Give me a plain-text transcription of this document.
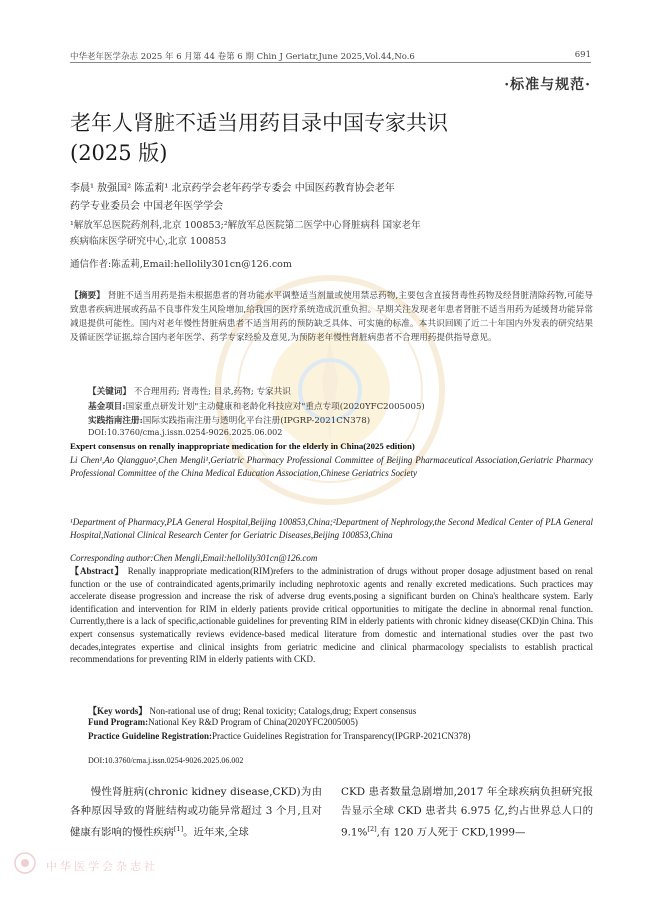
中华老年医学杂志 2025 年 6 月第 44 卷第 6 期 Chin J Geriatr,June 2025,Vol.44,No.6	691
·标准与规范·
老年人肾脏不适当用药目录中国专家共识
(2025 版)
李晨¹ 敖强国² 陈孟莉¹ 北京药学会老年药学专委会 中国医药教育协会老年
药学专业委员会 中国老年医学学会
¹解放军总医院药剂科,北京 100853;²解放军总医院第二医学中心肾脏病科 国家老年
疾病临床医学研究中心,北京 100853
通信作者:陈孟莉,Email:hellolily301cn@126.com
【摘要】 肾脏不适当用药是指未根据患者的肾功能水平调整适当剂量或使用禁忌药物,主要包含直接肾毒性药物及经肾脏清除药物,可能导致患者疾病进展或药品不良事件发生风险增加,给我国的医疗系统造成沉重负担。早期关注发现老年患者肾脏不适当用药为延缓肾功能异常减退提供可能性。国内对老年慢性肾脏病患者不适当用药的预防缺乏具体、可实施的标准。本共识回顾了近二十年国内外发表的研究结果及循证医学证据,综合国内老年医学、药学专家经验及意见,为预防老年慢性肾脏病患者不合理用药提供指导意见。
【关键词】 不合理用药; 肾毒性; 目录,药物; 专家共识
基金项目:国家重点研发计划"主动健康和老龄化科技应对"重点专项(2020YFC2005005)
实践指南注册:国际实践指南注册与透明化平台注册(IPGRP-2021CN378)
DOI:10.3760/cma.j.issn.0254-9026.2025.06.002
Expert consensus on renally inappropriate medication for the elderly in China(2025 edition)
Li Chen¹,Ao Qiangguo²,Chen Mengli¹,Geriatric Pharmacy Professional Committee of Beijing Pharmaceutical Association,Geriatric Pharmacy Professional Committee of the China Medical Education Association,Chinese Geriatrics Society
¹Department of Pharmacy,PLA General Hospital,Beijing 100853,China;²Department of Nephrology,the Second Medical Center of PLA General Hospital,National Clinical Research Center for Geriatric Diseases,Beijing 100853,China
Corresponding author:Chen Mengli,Email:hellolily301cn@126.com
【Abstract】 Renally inappropriate medication(RIM)refers to the administration of drugs without proper dosage adjustment based on renal function or the use of contraindicated agents,primarily including nephrotoxic agents and renally excreted medications. Such practices may accelerate disease progression and increase the risk of adverse drug events,posing a significant burden on China's healthcare system. Early identification and intervention for RIM in elderly patients provide critical opportunities to mitigate the decline in abnormal renal function. Currently,there is a lack of specific,actionable guidelines for preventing RIM in elderly patients with chronic kidney disease(CKD)in China. This expert consensus systematically reviews evidence-based medical literature from domestic and international studies over the past two decades,integrates expertise and clinical insights from geriatric medicine and clinical pharmacology specialists to establish practical recommendations for preventing RIM in elderly patients with CKD.
【Key words】 Non-rational use of drug; Renal toxicity; Catalogs,drug; Expert consensus
Fund Program:National Key R&D Program of China(2020YFC2005005)
Practice Guideline Registration:Practice Guidelines Registration for Transparency(IPGRP-2021CN378)
DOI:10.3760/cma.j.issn.0254-9026.2025.06.002
慢性肾脏病(chronic kidney disease,CKD)为由各种原因导致的肾脏结构或功能异常超过 3 个月,且对健康有影响的慢性疾病[1]。近年来,全球
CKD 患者数量急剧增加,2017 年全球疾病负担研究报告显示全球 CKD 患者共 6.975 亿,约占世界总人口的 9.1%[2],有 120 万人死于 CKD,1999—
中华医学会杂志社
